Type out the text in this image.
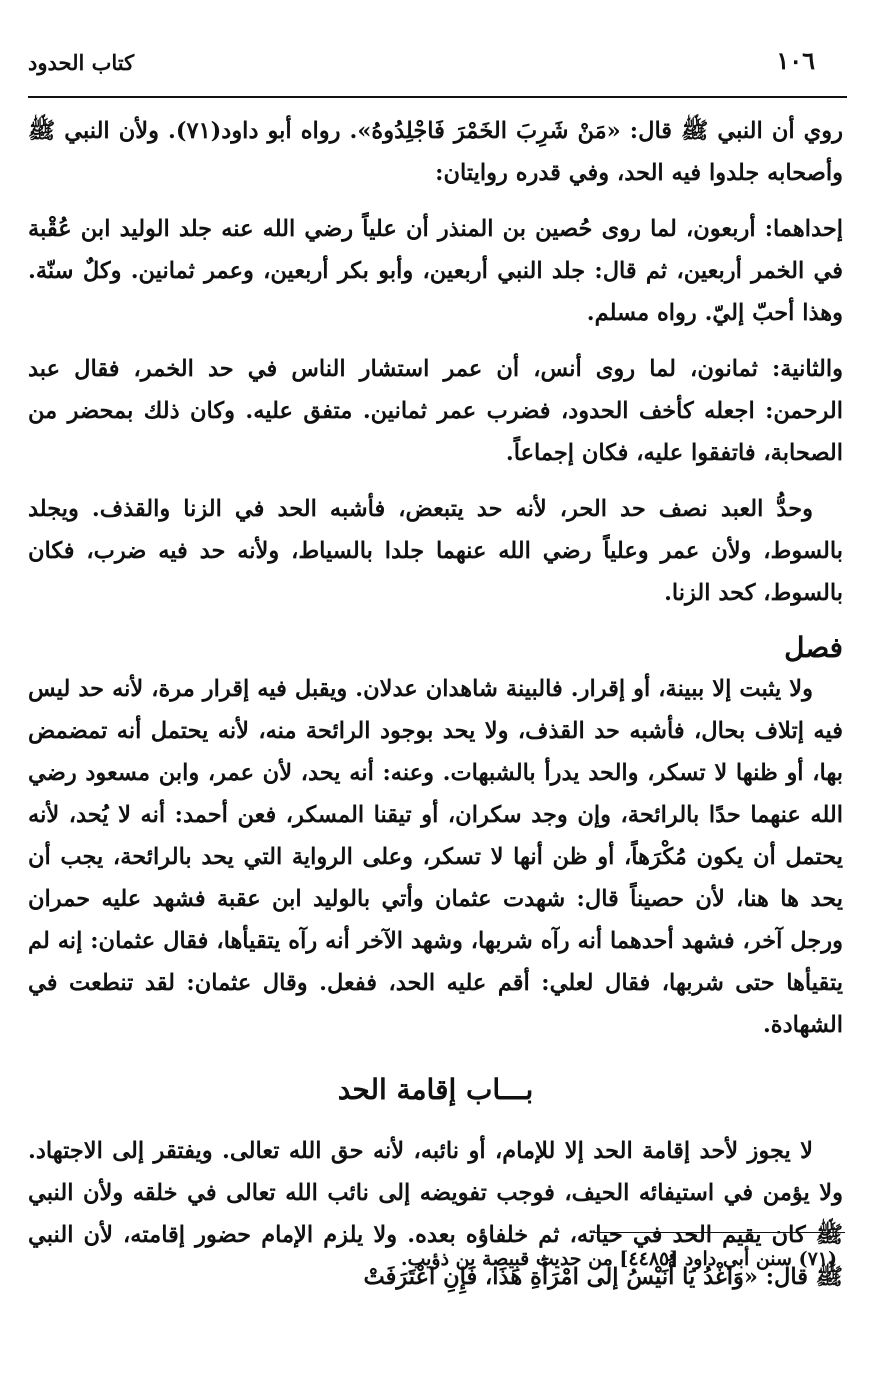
١٠٦
كتاب الحدود

روي أن النبي ﷺ قال: «مَنْ شَرِبَ الخَمْرَ فَاجْلِدُوهُ». رواه أبو داود(٧١). ولأن النبي ﷺ وأصحابه جلدوا فيه الحد، وفي قدره روايتان:

إحداهما: أربعون، لما روى حُصين بن المنذر أن علياً رضي الله عنه جلد الوليد ابن عُقْبة في الخمر أربعين، ثم قال: جلد النبي أربعين، وأبو بكر أربعين، وعمر ثمانين. وكلٌ سنّة. وهذا أحبّ إليّ. رواه مسلم.

والثانية: ثمانون، لما روى أنس، أن عمر استشار الناس في حد الخمر، فقال عبد الرحمن: اجعله كأخف الحدود، فضرب عمر ثمانين. متفق عليه. وكان ذلك بمحضر من الصحابة، فاتفقوا عليه، فكان إجماعاً.

وحدُّ العبد نصف حد الحر، لأنه حد يتبعض، فأشبه الحد في الزنا والقذف. ويجلد بالسوط، ولأن عمر وعلياً رضي الله عنهما جلدا بالسياط، ولأنه حد فيه ضرب، فكان بالسوط، كحد الزنا.

فصل

ولا يثبت إلا ببينة، أو إقرار. فالبينة شاهدان عدلان. ويقبل فيه إقرار مرة، لأنه حد ليس فيه إتلاف بحال، فأشبه حد القذف، ولا يحد بوجود الرائحة منه، لأنه يحتمل أنه تمضمض بها، أو ظنها لا تسكر، والحد يدرأ بالشبهات. وعنه: أنه يحد، لأن عمر، وابن مسعود رضي الله عنهما حدًا بالرائحة، وإن وجد سكران، أو تيقنا المسكر، فعن أحمد: أنه لا يُحد، لأنه يحتمل أن يكون مُكْرَهاً، أو ظن أنها لا تسكر، وعلى الرواية التي يحد بالرائحة، يجب أن يحد ها هنا، لأن حصيناً قال: شهدت عثمان وأتي بالوليد ابن عقبة فشهد عليه حمران ورجل آخر، فشهد أحدهما أنه رآه شربها، وشهد الآخر أنه رآه يتقيأها، فقال عثمان: إنه لم يتقيأها حتى شربها، فقال لعلي: أقم عليه الحد، ففعل. وقال عثمان: لقد تنطعت في الشهادة.

بـــاب إقامة الحد

لا يجوز لأحد إقامة الحد إلا للإمام، أو نائبه، لأنه حق الله تعالى. ويفتقر إلى الاجتهاد. ولا يؤمن في استيفائه الحيف، فوجب تفويضه إلى نائب الله تعالى في خلقه ولأن النبي ﷺ كان يقيم الحد في حياته، ثم خلفاؤه بعده. ولا يلزم الإمام حضور إقامته، لأن النبي ﷺ قال: «وَاغْدُ يَا أُنَيْسُ إلى امْرَأَةِ هَذَا، فَإِنِ اعْتَرَفَتْ

(٧١) سنن أبي داود [٤٤٨٥] من حديث قبيصة بن ذؤيب.
